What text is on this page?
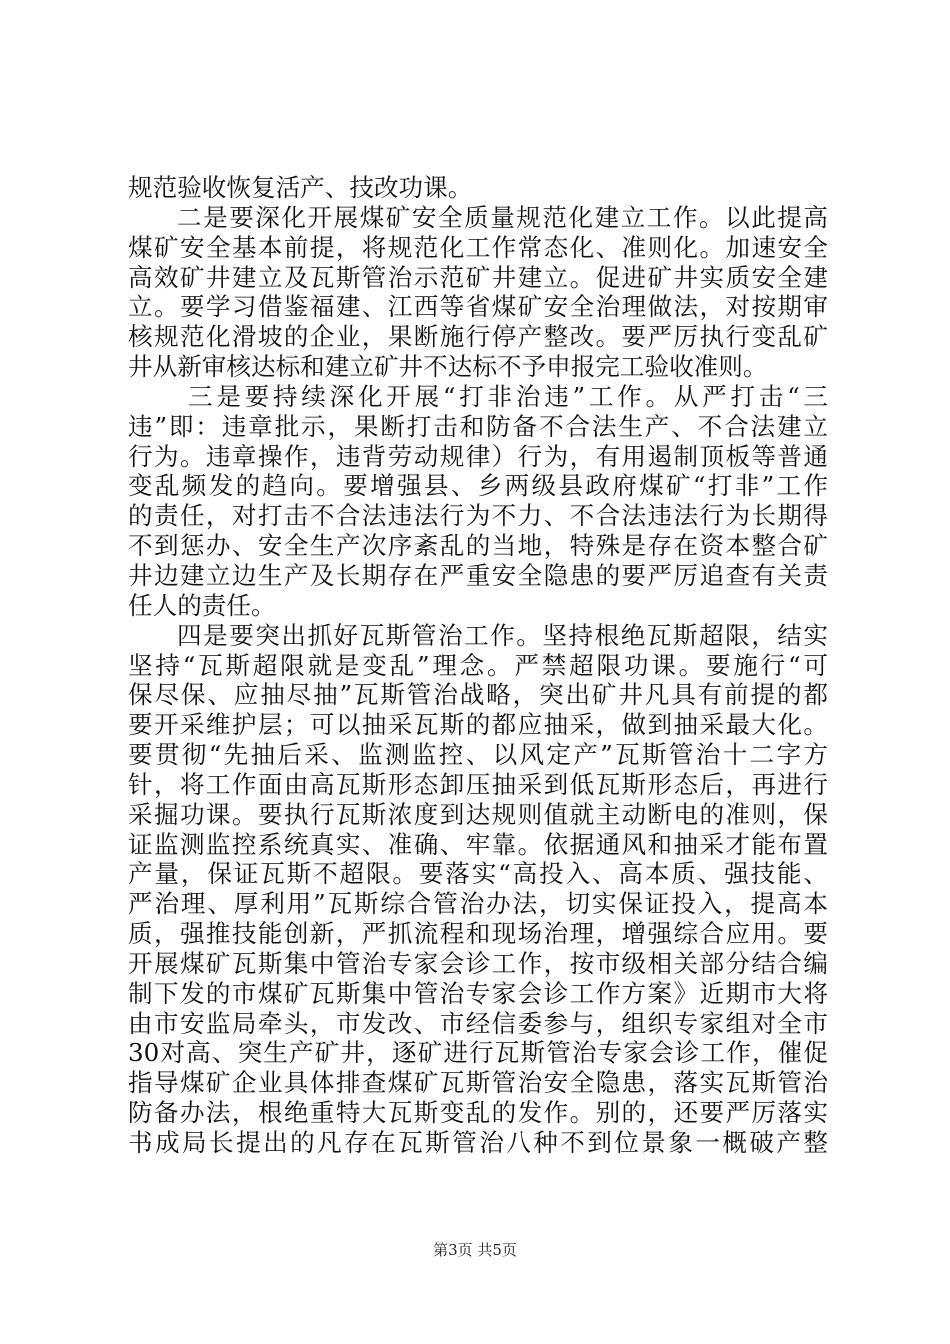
规范验收恢复活产、技改功课。
二是要深化开展煤矿安全质量规范化建立工作。以此提高
煤矿安全基本前提，将规范化工作常态化、准则化。加速安全
高效矿井建立及瓦斯管治示范矿井建立。促进矿井实质安全建
立。要学习借鉴福建、江西等省煤矿安全治理做法，对按期审
核规范化滑坡的企业，果断施行停产整改。要严厉执行变乱矿
井从新审核达标和建立矿井不达标不予申报完工验收准则。
三是要持续深化开展“打非治违”工作。从严打击“三
违”即：违章批示，果断打击和防备不合法生产、不合法建立
行为。违章操作，违背劳动规律）行为，有用遏制顶板等普通
变乱频发的趋向。要增强县、乡两级县政府煤矿“打非”工作
的责任，对打击不合法违法行为不力、不合法违法行为长期得
不到惩办、安全生产次序紊乱的当地，特殊是存在资本整合矿
井边建立边生产及长期存在严重安全隐患的要严厉追查有关责
任人的责任。
四是要突出抓好瓦斯管治工作。坚持根绝瓦斯超限，结实
坚持“瓦斯超限就是变乱”理念。严禁超限功课。要施行“可
保尽保、应抽尽抽”瓦斯管治战略，突出矿井凡具有前提的都
要开采维护层；可以抽采瓦斯的都应抽采，做到抽采最大化。
要贯彻“先抽后采、监测监控、以风定产”瓦斯管治十二字方
针，将工作面由高瓦斯形态卸压抽采到低瓦斯形态后，再进行
采掘功课。要执行瓦斯浓度到达规则值就主动断电的准则，保
证监测监控系统真实、准确、牢靠。依据通风和抽采才能布置
产量，保证瓦斯不超限。要落实“高投入、高本质、强技能、
严治理、厚利用”瓦斯综合管治办法，切实保证投入，提高本
质，强推技能创新，严抓流程和现场治理，增强综合应用。要
开展煤矿瓦斯集中管治专家会诊工作，按市级相关部分结合编
制下发的市煤矿瓦斯集中管治专家会诊工作方案》近期市大将
由市安监局牵头，市发改、市经信委参与，组织专家组对全市
30对高、突生产矿井，逐矿进行瓦斯管治专家会诊工作，催促
指导煤矿企业具体排查煤矿瓦斯管治安全隐患，落实瓦斯管治
防备办法，根绝重特大瓦斯变乱的发作。别的，还要严厉落实
书成局长提出的凡存在瓦斯管治八种不到位景象一概破产整
第3页 共5页
